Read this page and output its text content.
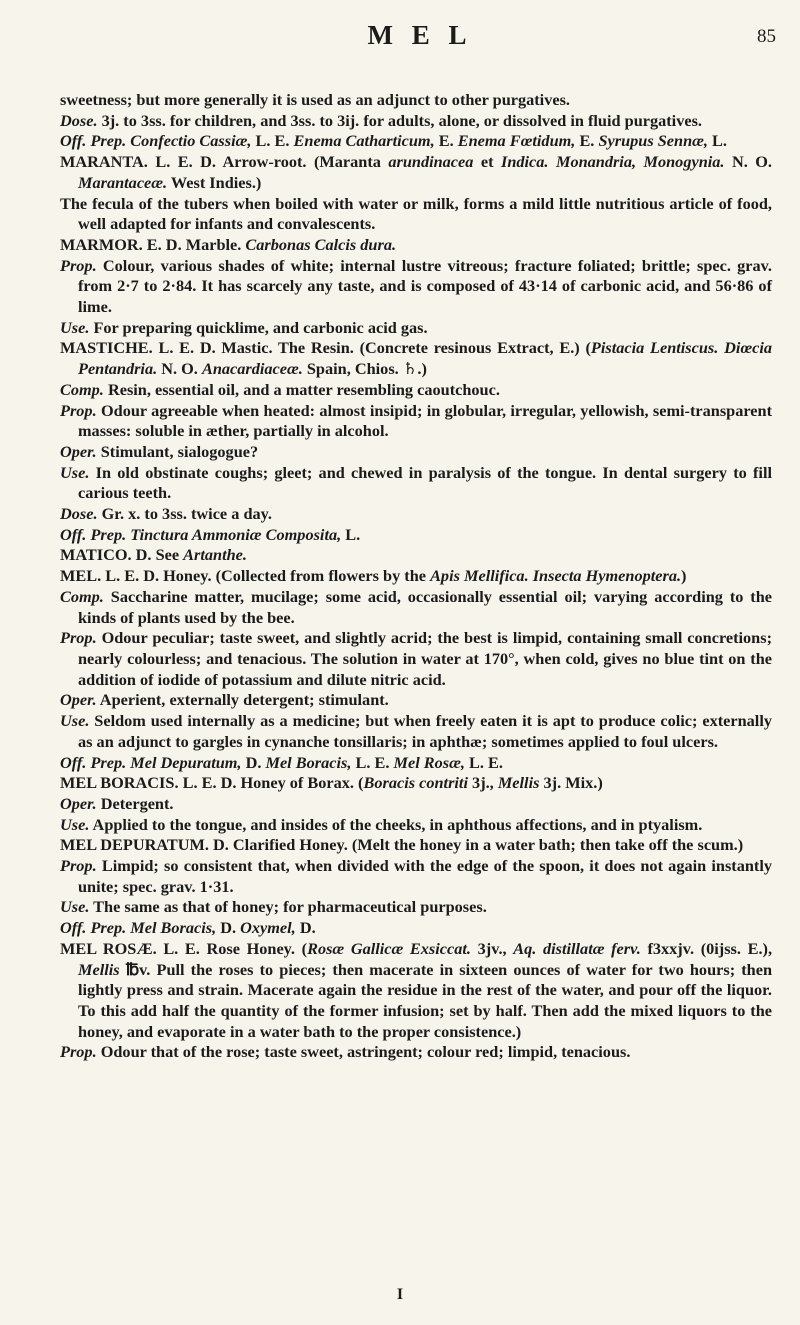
M E L	85

sweetness; but more generally it is used as an adjunct to other purgatives.

Dose. 3j. to 3ss. for children, and 3ss. to 3ij. for adults, alone, or dissolved in fluid purgatives.

Off. Prep. Confectio Cassiæ, L. E. Enema Catharticum, E. Enema Fœtidum, E. Syrupus Sennæ, L.

MARANTA. L. E. D. Arrow-root. (Maranta arundinacea et Indica. Monandria, Monogynia. N. O. Marantaceæ. West Indies.)

The fecula of the tubers when boiled with water or milk, forms a mild little nutritious article of food, well adapted for infants and convalescents.

MARMOR. E. D. Marble. Carbonas Calcis dura.

Prop. Colour, various shades of white; internal lustre vitreous; fracture foliated; brittle; spec. grav. from 2·7 to 2·84. It has scarcely any taste, and is composed of 43·14 of carbonic acid, and 56·86 of lime.

Use. For preparing quicklime, and carbonic acid gas.

MASTICHE. L. E. D. Mastic. The Resin. (Concrete resinous Extract, E.) (Pistacia Lentiscus. Diœcia Pentandria. N. O. Anacardiaceæ. Spain, Chios. ♄.)

Comp. Resin, essential oil, and a matter resembling caoutchouc.

Prop. Odour agreeable when heated: almost insipid; in globular, irregular, yellowish, semi-transparent masses: soluble in æther, partially in alcohol.

Oper. Stimulant, sialogogue?

Use. In old obstinate coughs; gleet; and chewed in paralysis of the tongue. In dental surgery to fill carious teeth.

Dose. Gr. x. to 3ss. twice a day.

Off. Prep. Tinctura Ammoniæ Composita, L.

MATICO. D. See Artanthe.

MEL. L. E. D. Honey. (Collected from flowers by the Apis Mellifica. Insecta Hymenoptera.)

Comp. Saccharine matter, mucilage; some acid, occasionally essential oil; varying according to the kinds of plants used by the bee.

Prop. Odour peculiar; taste sweet, and slightly acrid; the best is limpid, containing small concretions; nearly colourless; and tenacious. The solution in water at 170°, when cold, gives no blue tint on the addition of iodide of potassium and dilute nitric acid.

Oper. Aperient, externally detergent; stimulant.

Use. Seldom used internally as a medicine; but when freely eaten it is apt to produce colic; externally as an adjunct to gargles in cynanche tonsillaris; in aphthæ; sometimes applied to foul ulcers.

Off. Prep. Mel Depuratum, D. Mel Boracis, L. E. Mel Rosæ, L. E.

MEL BORACIS. L. E. D. Honey of Borax. (Boracis contriti 3j., Mellis 3j. Mix.)

Oper. Detergent.

Use. Applied to the tongue, and insides of the cheeks, in aphthous affections, and in ptyalism.

MEL DEPURATUM. D. Clarified Honey. (Melt the honey in a water bath; then take off the scum.)

Prop. Limpid; so consistent that, when divided with the edge of the spoon, it does not again instantly unite; spec. grav. 1·31.

Use. The same as that of honey; for pharmaceutical purposes.

Off. Prep. Mel Boracis, D. Oxymel, D.

MEL ROSÆ. L. E. Rose Honey. (Rosæ Gallicæ Exsiccat. 3jv., Aq. distillatæ ferv. f3xxjv. (0ijss. E.), Mellis ℔v. Pull the roses to pieces; then macerate in sixteen ounces of water for two hours; then lightly press and strain. Macerate again the residue in the rest of the water, and pour off the liquor. To this add half the quantity of the former infusion; set by half. Then add the mixed liquors to the honey, and evaporate in a water bath to the proper consistence.)

Prop. Odour that of the rose; taste sweet, astringent; colour red; limpid, tenacious.

I
